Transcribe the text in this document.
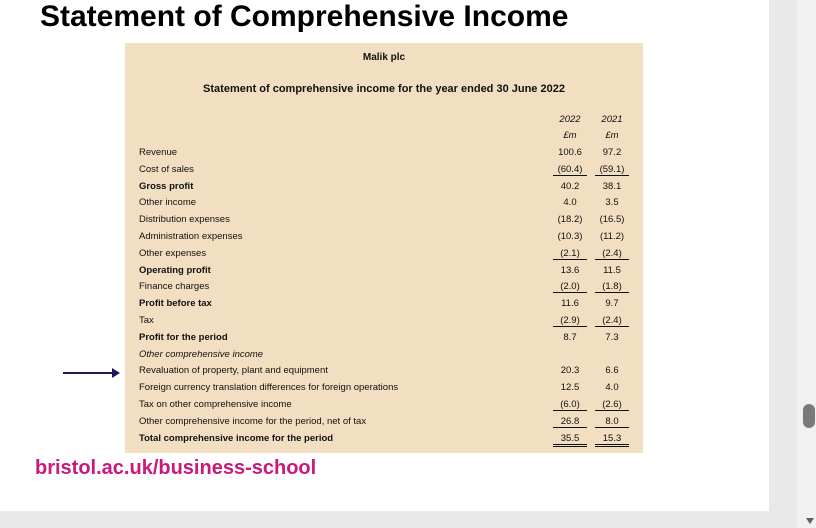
Statement of Comprehensive Income
Malik plc
Statement of comprehensive income for the year ended 30 June 2022
2022	2021
£m	£m
Revenue	100.6	97.2
Cost of sales	(60.4)	(59.1)
Gross profit	40.2	38.1
Other income	4.0	3.5
Distribution expenses	(18.2)	(16.5)
Administration expenses	(10.3)	(11.2)
Other expenses	(2.1)	(2.4)
Operating profit	13.6	11.5
Finance charges	(2.0)	(1.8)
Profit before tax	11.6	9.7
Tax	(2.9)	(2.4)
Profit for the period	8.7	7.3
Other comprehensive income
Revaluation of property, plant and equipment	20.3	6.6
Foreign currency translation differences for foreign operations	12.5	4.0
Tax on other comprehensive income	(6.0)	(2.6)
Other comprehensive income for the period, net of tax	26.8	8.0
Total comprehensive income for the period	35.5	15.3
bristol.ac.uk/business-school
